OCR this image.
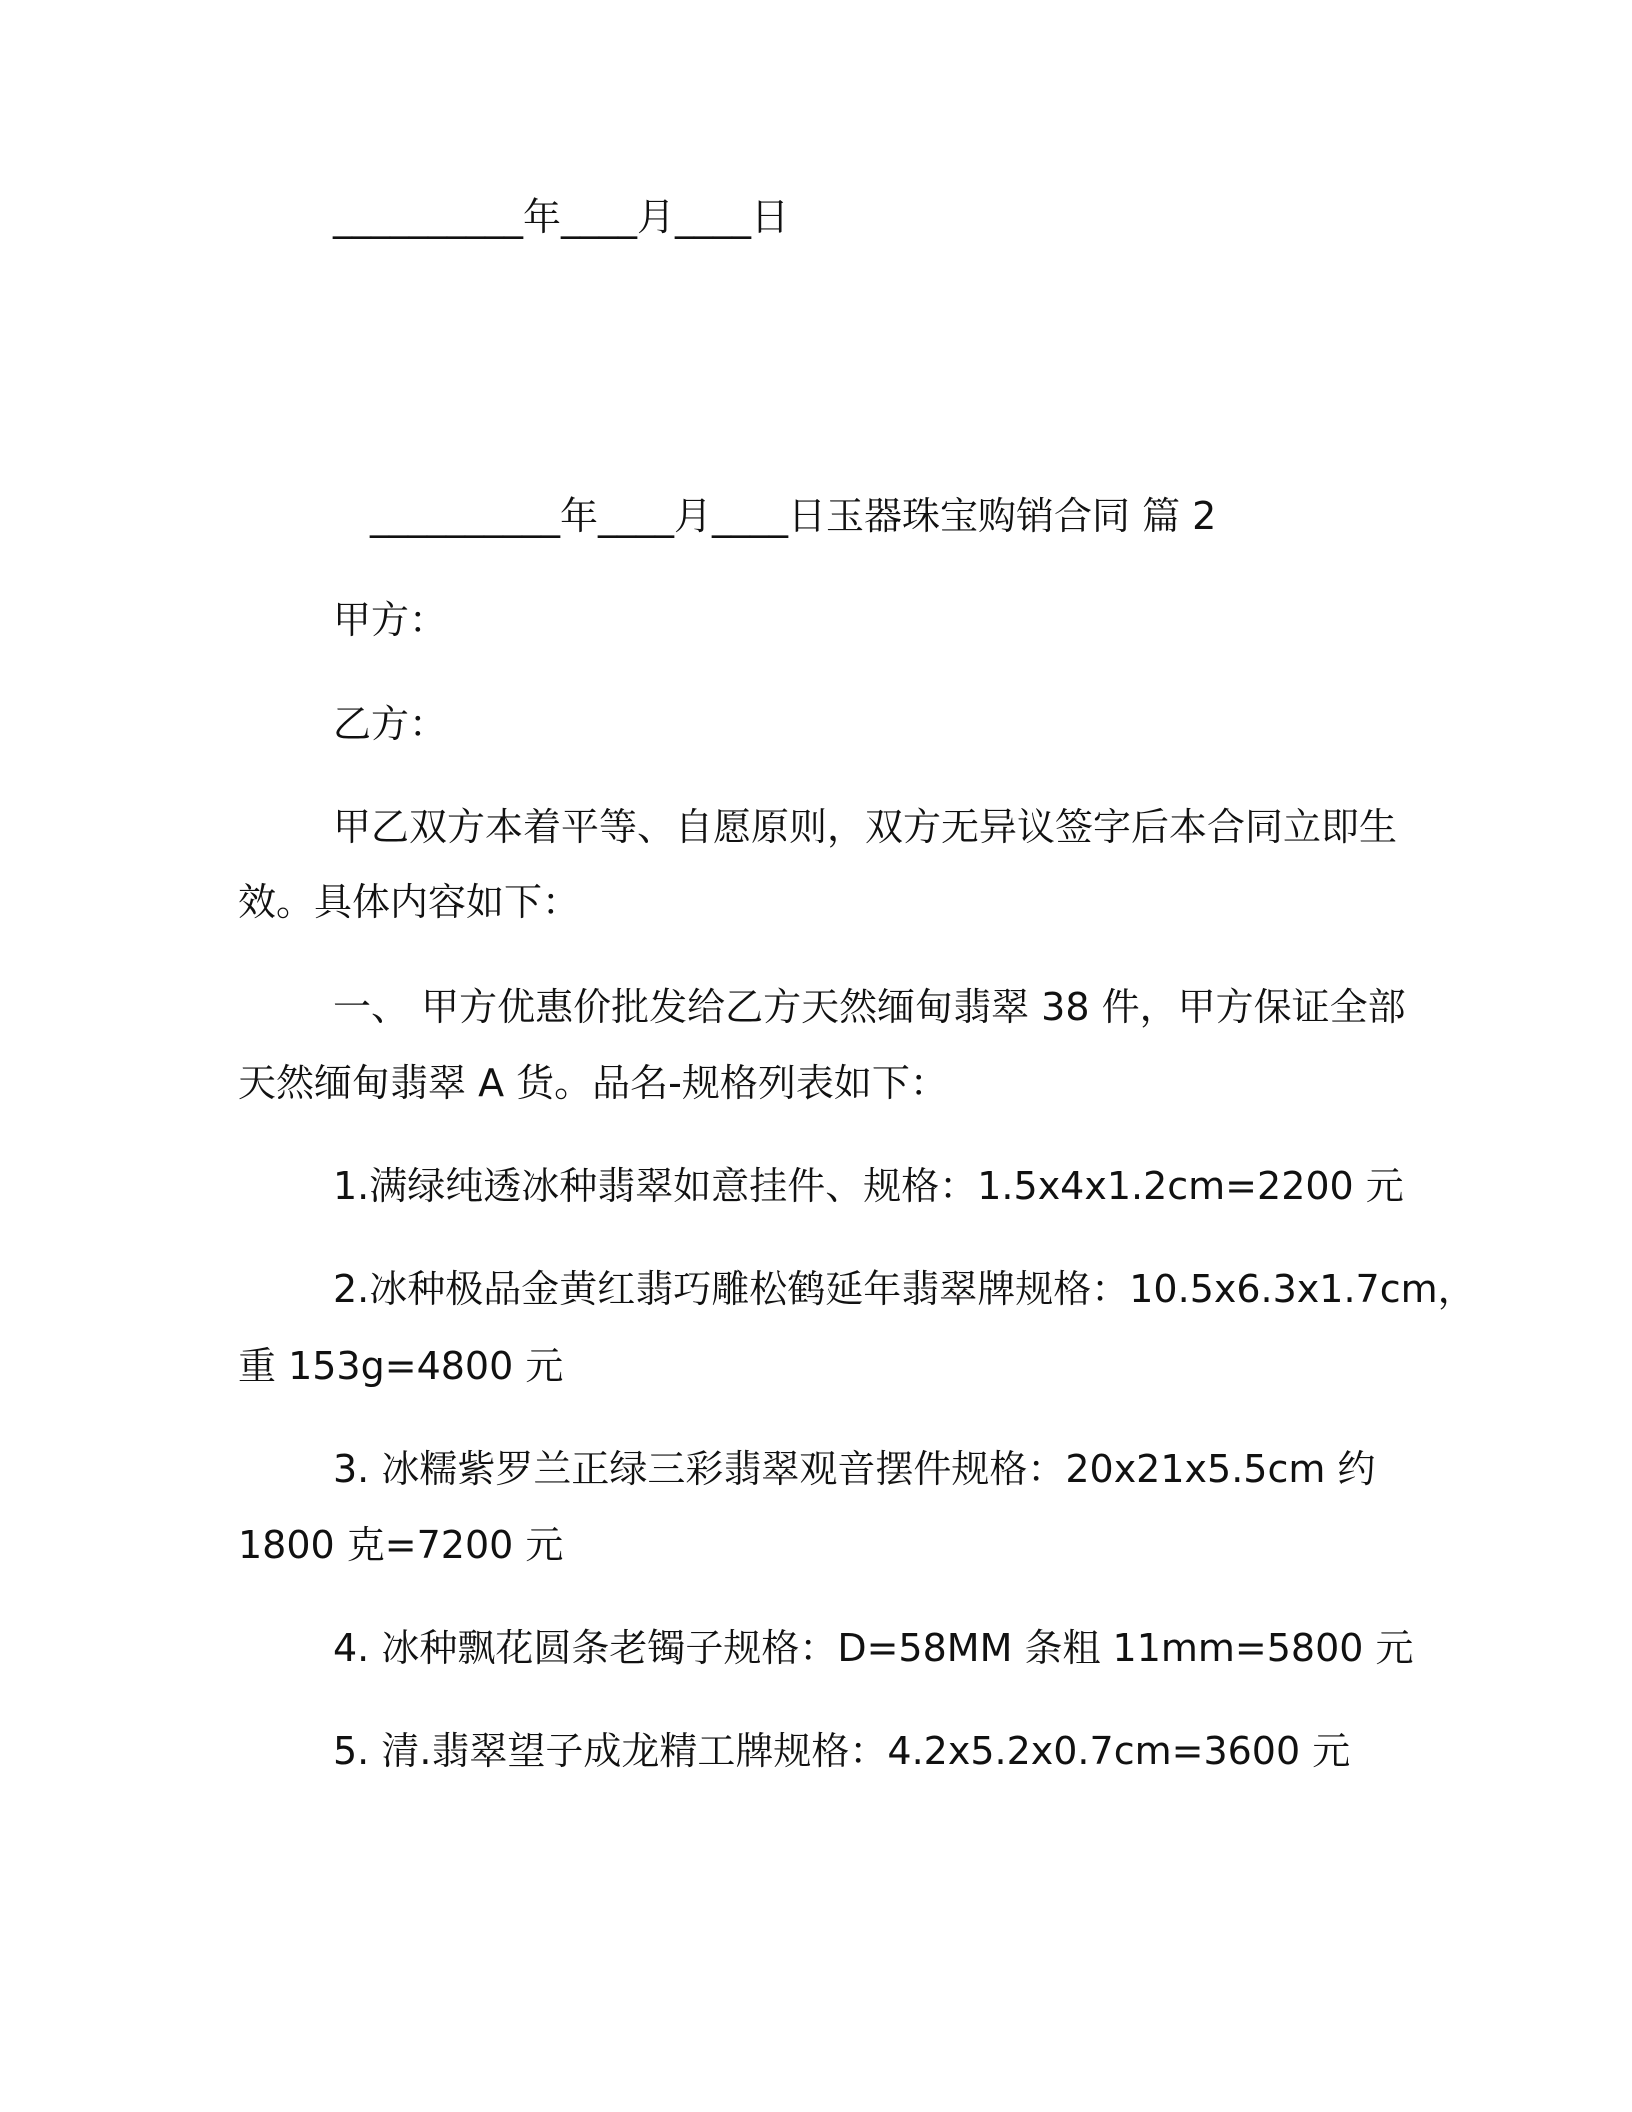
__________年____月____日
__________年____月____日玉器珠宝购销合同 篇 2
甲方：
乙方：
甲乙双方本着平等、自愿原则，双方无异议签字后本合同立即生
效。具体内容如下：
一、 甲方优惠价批发给乙方天然缅甸翡翠 38 件，甲方保证全部
天然缅甸翡翠 A 货。品名-规格列表如下：
1.满绿纯透冰种翡翠如意挂件、规格：1.5x4x1.2cm=2200 元
2.冰种极品金黄红翡巧雕松鹤延年翡翠牌规格：10.5x6.3x1.7cm，
重 153g=4800 元
3. 冰糯紫罗兰正绿三彩翡翠观音摆件规格：20x21x5.5cm 约
1800 克=7200 元
4. 冰种飘花圆条老镯子规格：D=58MM 条粗 11mm=5800 元
5. 清.翡翠望子成龙精工牌规格：4.2x5.2x0.7cm=3600 元
